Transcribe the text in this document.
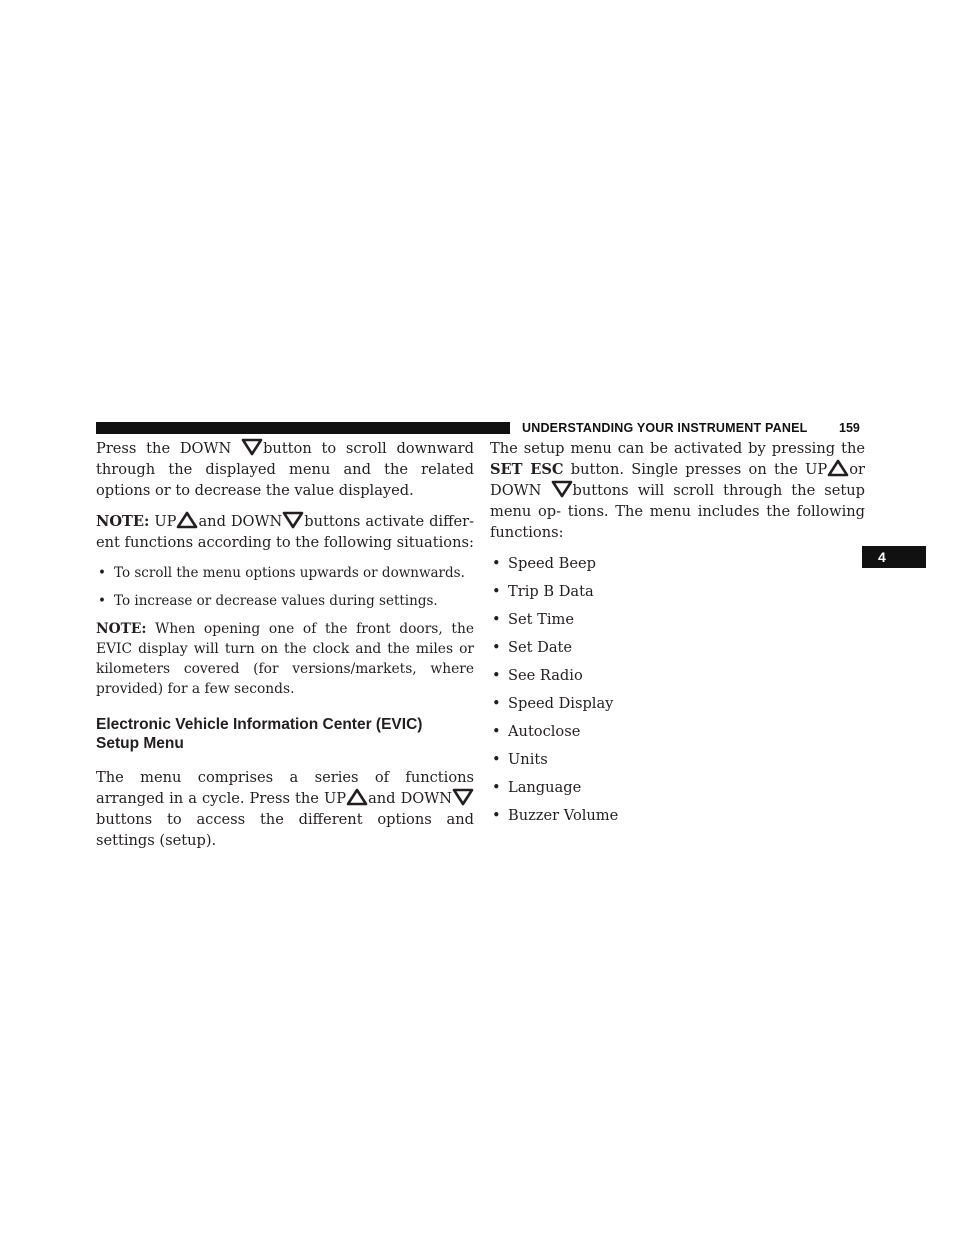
UNDERSTANDING YOUR INSTRUMENT PANEL	159
4

Press the DOWN button to scroll downward through the displayed menu and the related options or to decrease the value displayed.

NOTE: UP and DOWN buttons activate differ- ent functions according to the following situations:

• To scroll the menu options upwards or downwards.
• To increase or decrease values during settings.

NOTE: When opening one of the front doors, the EVIC display will turn on the clock and the miles or kilometers covered (for versions/markets, where provided) for a few seconds.

Electronic Vehicle Information Center (EVIC)
Setup Menu

The menu comprises a series of functions arranged in a cycle. Press the UP and DOWN
buttons to access the different options and settings (setup).

The setup menu can be activated by pressing the SET ESC button. Single presses on the UP or DOWN buttons will scroll through the setup menu op- tions. The menu includes the following functions:

• Speed Beep
• Trip B Data
• Set Time
• Set Date
• See Radio
• Speed Display
• Autoclose
• Units
• Language
• Buzzer Volume
